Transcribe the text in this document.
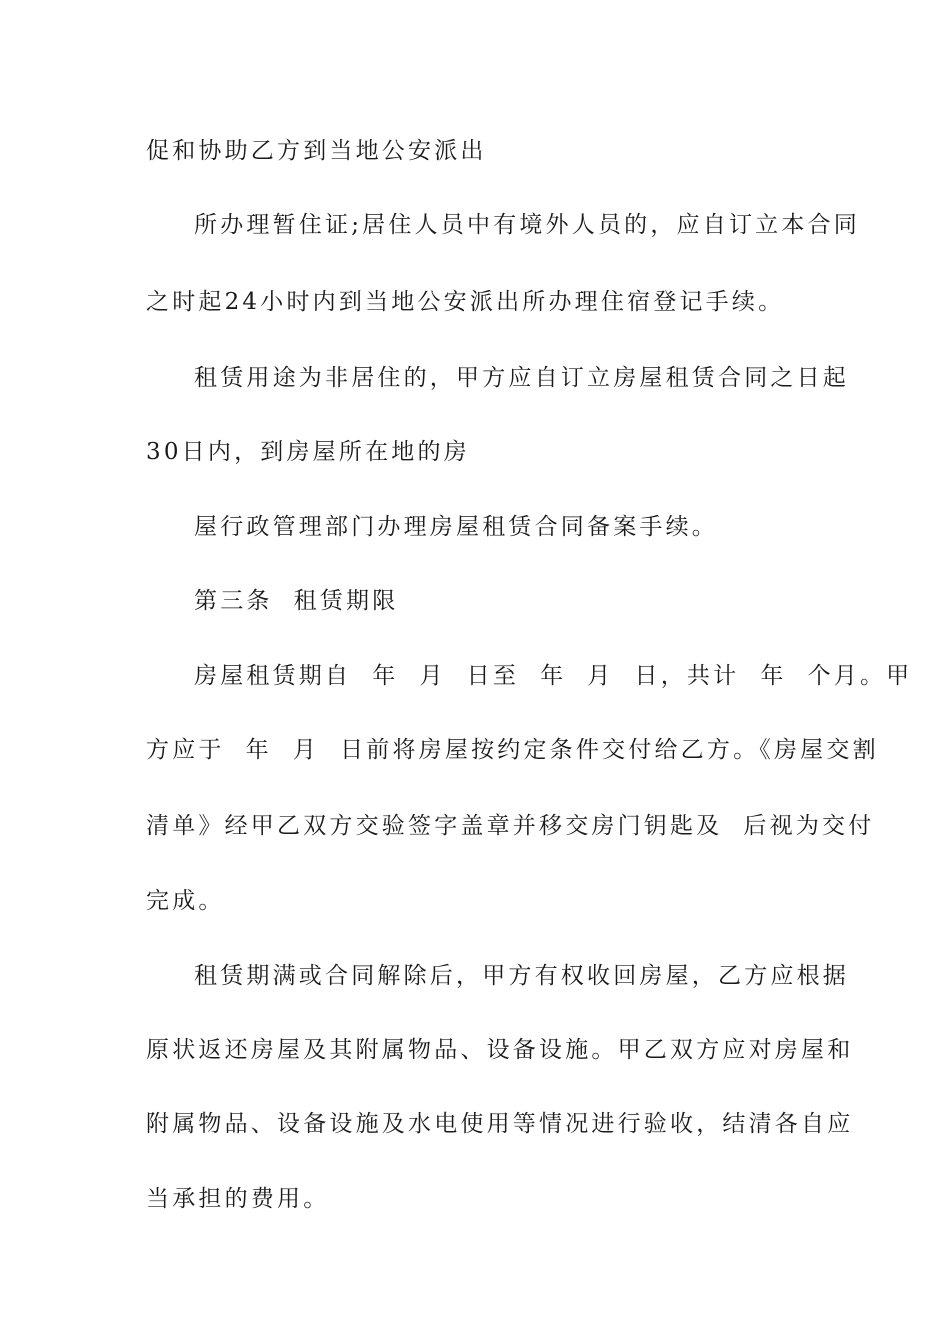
促和协助乙方到当地公安派出
所办理暂住证;居住人员中有境外人员的，应自订立本合同
之时起24小时内到当地公安派出所办理住宿登记手续。
租赁用途为非居住的，甲方应自订立房屋租赁合同之日起
30日内，到房屋所在地的房
屋行政管理部门办理房屋租赁合同备案手续。
第三条  租赁期限
房屋租赁期自  年  月  日至  年  月  日，共计  年  个月。甲
方应于  年  月  日前将房屋按约定条件交付给乙方。《房屋交割
清单》经甲乙双方交验签字盖章并移交房门钥匙及  后视为交付
完成。
租赁期满或合同解除后，甲方有权收回房屋，乙方应根据
原状返还房屋及其附属物品、设备设施。甲乙双方应对房屋和
附属物品、设备设施及水电使用等情况进行验收，结清各自应
当承担的费用。
